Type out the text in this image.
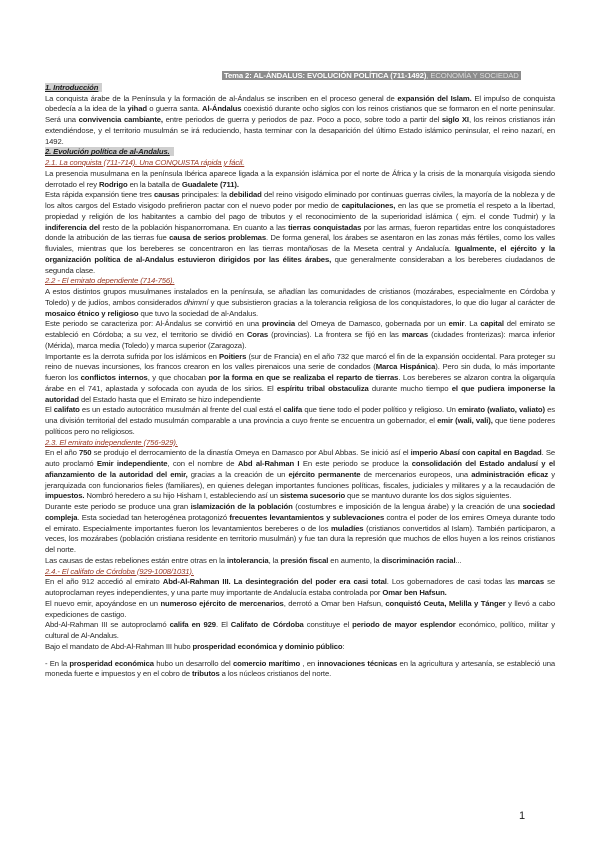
Tema 2: AL-ÁNDALUS: EVOLUCIÓN POLÍTICA (711-1492), ECONOMÍA Y SOCIEDAD

1. Introducción

La conquista árabe de la Península y la formación de al-Ándalus se inscriben en el proceso general de expansión del Islam. El impulso de conquista obedecía a la idea de la yihad o guerra santa. Al-Ándalus coexistió durante ocho siglos con los reinos cristianos que se formaron en el norte peninsular. Será una convivencia cambiante, entre periodos de guerra y periodos de paz. Poco a poco, sobre todo a partir del siglo XI, los reinos cristianos irán extendiéndose, y el territorio musulmán se irá reduciendo, hasta terminar con la desaparición del último Estado islámico peninsular, el reino nazarí, en 1492.

2. Evolución política de al-Andalus.

2.1. La conquista (711-714). Una CONQUISTA rápida y fácil.

La presencia musulmana en la península Ibérica aparece ligada a la expansión islámica por el norte de África y la crisis de la monarquía visigoda siendo derrotado el rey Rodrigo en la batalla de Guadalete (711).

Esta rápida expansión tiene tres causas principales: la debilidad del reino visigodo eliminado por continuas guerras civiles, la mayoría de la nobleza y de los altos cargos del Estado visigodo prefirieron pactar con el nuevo poder por medio de capitulaciones, en las que se prometía el respeto a la libertad, propiedad y religión de los habitantes a cambio del pago de tributos y el reconocimiento de la superioridad islámica ( ejm. el conde Tudmir) y la indiferencia del resto de la población hispanorromana. En cuanto a las tierras conquistadas por las armas, fueron repartidas entre los conquistadores donde la atribución de las tierras fue causa de serios problemas. De forma general, los árabes se asentaron en las zonas más fértiles, como los valles fluviales, mientras que los bereberes se concentraron en las tierras montañosas de la Meseta central y Andalucía. Igualmente, el ejército y la organización política de al-Andalus estuvieron dirigidos por las élites árabes, que generalmente consideraban a los bereberes ciudadanos de segunda clase.

2.2 - El emirato dependiente (714-756).

A estos distintos grupos musulmanes instalados en la península, se añadían las comunidades de cristianos (mozárabes, especialmente en Córdoba y Toledo) y de judíos, ambos considerados dhimmí y que subsistieron gracias a la tolerancia religiosa de los conquistadores, lo que dio lugar al carácter de mosaico étnico y religioso que tuvo la sociedad de al-Andalus.

Este periodo se caracteriza por: Al-Ándalus se convirtió en una provincia del Omeya de Damasco, gobernada por un emir. La capital del emirato se estableció en Córdoba; a su vez, el territorio se dividió en Coras (provincias). La frontera se fijó en las marcas (ciudades fronterizas): marca inferior (Mérida), marca media (Toledo) y marca superior (Zaragoza).

Importante es la derrota sufrida por los islámicos en Poitiers (sur de Francia) en el año 732 que marcó el fin de la expansión occidental. Para proteger su reino de nuevas incursiones, los francos crearon en los valles pirenaicos una serie de condados (Marca Hispánica). Pero sin duda, lo más importante fueron los conflictos internos, y que chocaban por la forma en que se realizaba el reparto de tierras. Los bereberes se alzaron contra la oligarquía árabe en el 741, aplastada y sofocada con ayuda de los sirios. El espíritu tribal obstaculiza durante mucho tiempo el que pudiera imponerse la autoridad del Estado hasta que el Emirato se hizo independiente

El califato es un estado autocrático musulmán al frente del cual está el califa que tiene todo el poder político y religioso. Un emirato (waliato, valiato) es una división territorial del estado musulmán comparable a una provincia a cuyo frente se encuentra un gobernador, el emir (wali, vali), que tiene poderes políticos pero no religiosos.

2.3. El emirato independiente (756-929).

En el año 750 se produjo el derrocamiento de la dinastía Omeya en Damasco por Abul Abbas. Se inició así el imperio Abasí con capital en Bagdad. Se auto proclamó Emir independiente, con el nombre de Abd al-Rahman I En este periodo se produce la consolidación del Estado andalusí y el afianzamiento de la autoridad del emir, gracias a la creación de un ejército permanente de mercenarios europeos, una administración eficaz y jerarquizada con funcionarios fieles (familiares), en quienes delegan importantes funciones políticas, fiscales, judiciales y militares y a la recaudación de impuestos. Nombró heredero a su hijo Hisham I, estableciendo así un sistema sucesorio que se mantuvo durante los dos siglos siguientes.

Durante este periodo se produce una gran islamización de la población (costumbres e imposición de la lengua árabe) y la creación de una sociedad compleja. Esta sociedad tan heterogénea protagonizó frecuentes levantamientos y sublevaciones contra el poder de los emires Omeya durante todo el emirato. Especialmente importantes fueron los levantamientos bereberes o de los muladíes (cristianos convertidos al Islam). También participaron, a veces, los mozárabes (población cristiana residente en territorio musulmán) y fue tan dura la represión que muchos de ellos huyen a los reinos cristianos del norte.

Las causas de estas rebeliones están entre otras en la intolerancia, la presión fiscal en aumento, la discriminación racial...

2.4.- El califato de Córdoba (929-1008/1031).

En el año 912 accedió al emirato Abd-Al-Rahman III. La desintegración del poder era casi total. Los gobernadores de casi todas las marcas se autoproclaman reyes independientes, y una parte muy importante de Andalucía estaba controlada por Omar ben Hafsun.

El nuevo emir, apoyándose en un numeroso ejército de mercenarios, derrotó a Omar ben Hafsun, conquistó Ceuta, Melilla y Tánger y llevó a cabo expediciones de castigo.

Abd-Al-Rahman III se autoproclamó califa en 929. El Califato de Córdoba constituye el periodo de mayor esplendor económico, político, militar y cultural de Al-Andalus.

Bajo el mandato de Abd-Al-Rahman III hubo prosperidad económica y dominio público:

- En la prosperidad económica hubo un desarrollo del comercio marítimo , en innovaciones técnicas en la agricultura y artesanía, se estableció una moneda fuerte e impuestos y en el cobro de tributos a los núcleos cristianos del norte.

1
